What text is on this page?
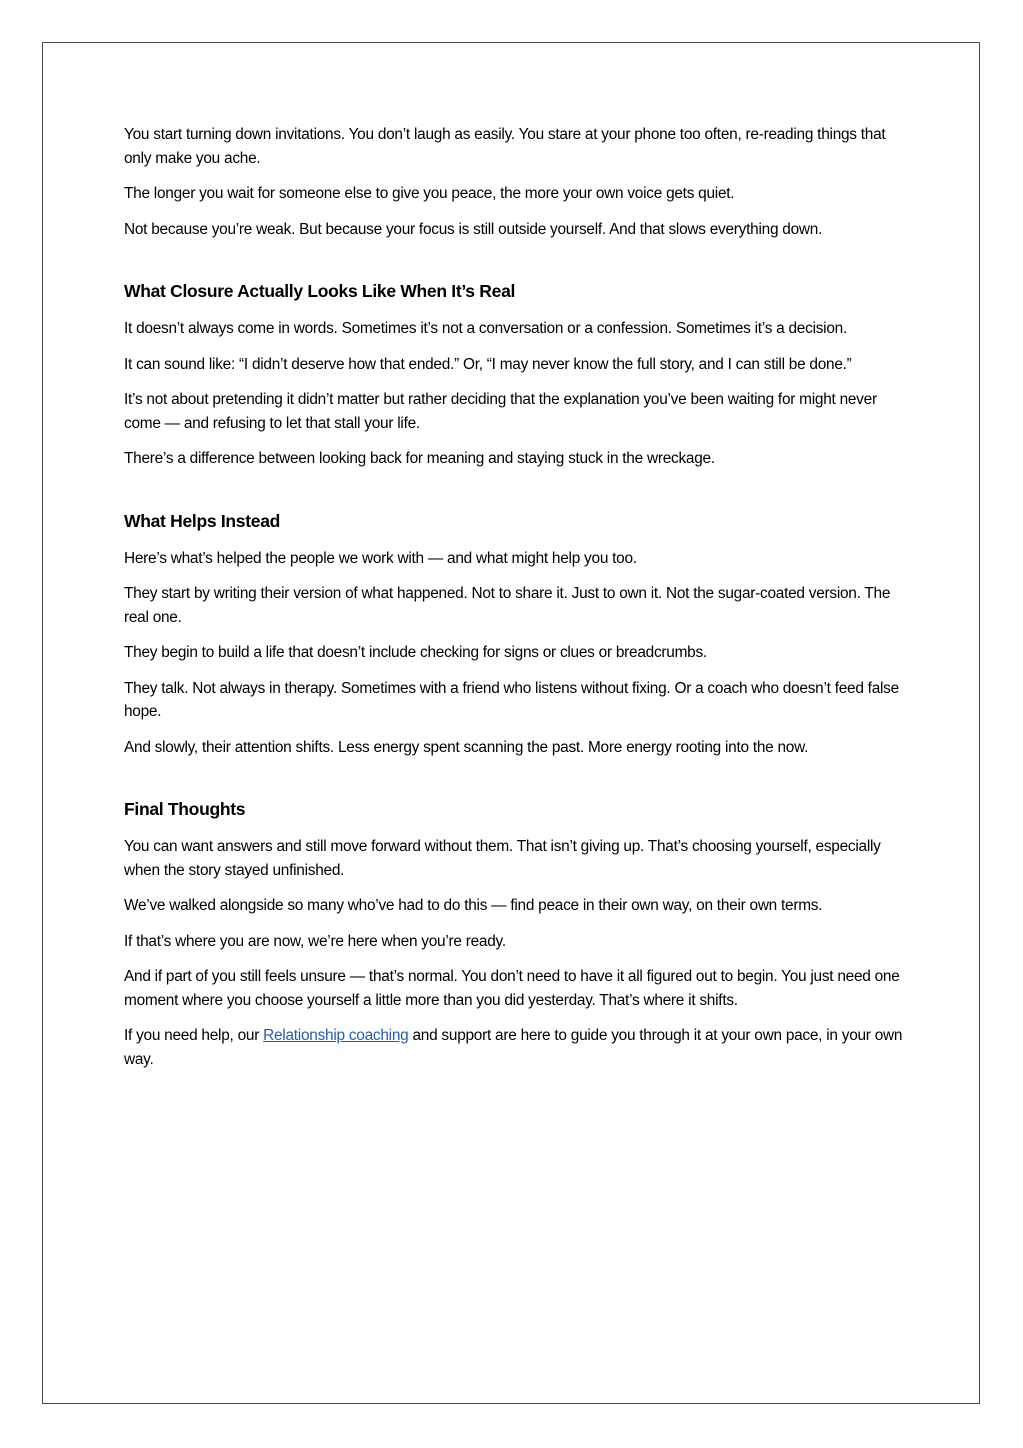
You start turning down invitations. You don’t laugh as easily. You stare at your phone too often, re-reading things that only make you ache.

The longer you wait for someone else to give you peace, the more your own voice gets quiet.

Not because you’re weak. But because your focus is still outside yourself. And that slows everything down.

What Closure Actually Looks Like When It’s Real

It doesn’t always come in words. Sometimes it’s not a conversation or a confession. Sometimes it’s a decision.

It can sound like: “I didn’t deserve how that ended.” Or, “I may never know the full story, and I can still be done.”

It’s not about pretending it didn’t matter but rather deciding that the explanation you’ve been waiting for might never come — and refusing to let that stall your life.

There’s a difference between looking back for meaning and staying stuck in the wreckage.

What Helps Instead

Here’s what’s helped the people we work with — and what might help you too.

They start by writing their version of what happened. Not to share it. Just to own it. Not the sugar-coated version. The real one.

They begin to build a life that doesn’t include checking for signs or clues or breadcrumbs.

They talk. Not always in therapy. Sometimes with a friend who listens without fixing. Or a coach who doesn’t feed false hope.

And slowly, their attention shifts. Less energy spent scanning the past. More energy rooting into the now.

Final Thoughts

You can want answers and still move forward without them. That isn’t giving up. That’s choosing yourself, especially when the story stayed unfinished.

We’ve walked alongside so many who’ve had to do this — find peace in their own way, on their own terms.

If that’s where you are now, we’re here when you’re ready.

And if part of you still feels unsure — that’s normal. You don’t need to have it all figured out to begin. You just need one moment where you choose yourself a little more than you did yesterday. That’s where it shifts.

If you need help, our Relationship coaching and support are here to guide you through it at your own pace, in your own way.
